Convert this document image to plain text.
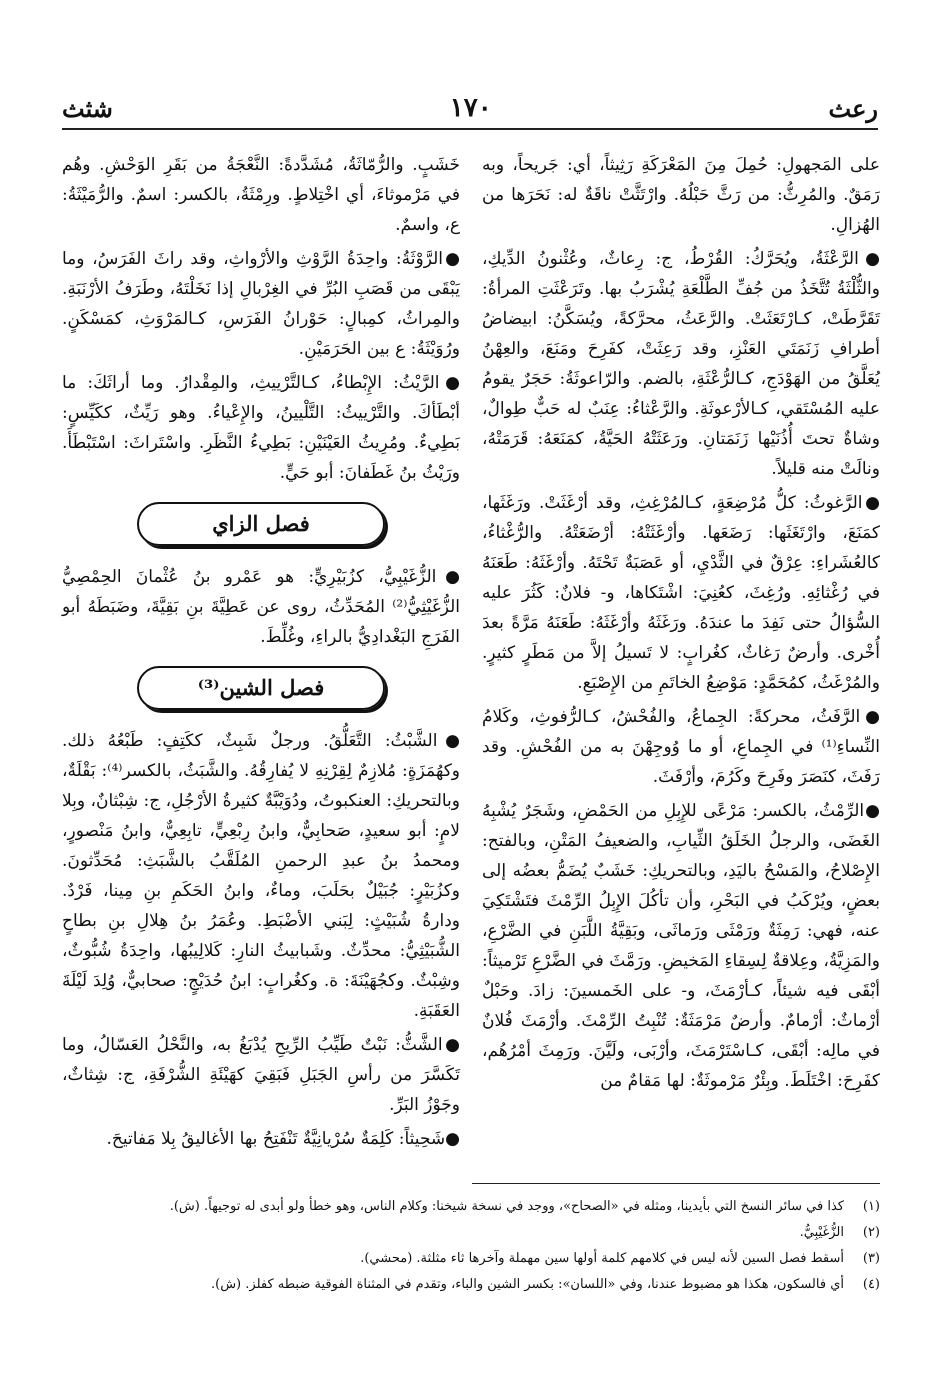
رعث
١٧٠
شثث

على المَجهولِ: حُمِلَ مِنَ المَعْرَكَةِ رَثِيثاً، أي: جَريحاً، وبه رَمَقٌ. والمُرِثُّ: من رَثَّ حَبْلُهُ. وارْتَثَّتْ ناقَةٌ له: نَحَرَها من الهُزالِ.

●الرَّعْثَةُ، ويُحَرَّكُ: القُرْطُ، ج: رِعاثٌ، وعُثْنونُ الدِّيكِ، والثُّلْثَةُ تُتَّخَذُ من جُفِّ الطَّلْعَةِ يُشْرَبُ بها. وتَرَعْثَتِ المرأةُ: تَقَرَّطَتْ، كـارْتَعَثَتْ. والرَّعَثُ، محرَّكةً، ويُسَكَّنُ: ابيضاضُ أطرافِ زَنَمَتَي العَنْزِ، وقد رَعِثَتْ، كفَرِحَ ومَنَعَ، والعِهْنُ يُعَلَّقُ من الهَوْدَجِ، كـالرُّعْثَةِ، بالضم. والرّاعوثَةُ: حَجَرٌ يقومُ عليه المُسْتَقي، كـالأرْعوثَةِ. والرَّعْثاءُ: عِنَبٌ له حَبٌّ طِوالٌ، وشاةٌ تحتَ أُذُنَيْها زَنَمَتانِ. ورَعَثَتْهُ الحَيَّةُ، كمَنَعَهُ: قَرَمَتْهُ، ونالَتْ منه قليلاً.

●الرَّغوثُ: كلُّ مُرْضِعَةٍ، كـالمُرْغِثِ، وقد أرْغَثَتْ. ورَغَثَها، كمَنَعَ، وارْتَغَثَها: رَضَعَها. وأرْغَثَتْهُ: أرْضَعَتْهُ. والرُّغْثاءُ، كالعُشَراءِ: عِرْقٌ في الثَّدْيِ، أو عَصَبَةٌ تَحْتَهُ. وأرْغَثَهُ: طَعَنَهُ في رُغْثائِهِ. ورُغِثَ، كعُنِيَ: اشْتَكاها، و- فلانٌ: كَثُرَ عليه السُّؤالُ حتى نَفِدَ ما عندَهُ. ورَغَثَهُ وأرْغَثَهُ: طَعَنَهُ مَرَّةً بعدَ أُخْرى. وأرضٌ رَغاثٌ، كغُرابٍ: لا تَسيلُ إلاَّ من مَطَرٍ كثيرٍ. والمُرْغَثُ، كمُحَمَّدٍ: مَوْضِعُ الخاتَمِ من الإِصْبَعِ.

●الرَّفَثُ، محركةً: الجِماعُ، والفُحْشُ، كـالرُّفوثِ، وكَلامُ النِّساءِ⁽¹⁾ في الجِماعِ، أو ما وُوجِهْنَ به من الفُحْشِ. وقد رَفَثَ، كنَصَرَ وفَرِحَ وكَرُمَ، وأرْفَثَ.

●الرِّمْثُ، بالكسر: مَرْعًى للإِبِلِ من الحَمْضِ، وشَجَرٌ يُشْبِهُ الغَضَى، والرجلُ الخَلَقُ الثِّيابِ، والضعيفُ المَتْنِ، وبالفتح: الإِصْلاحُ، والمَسْحُ باليَدِ، وبالتحريكِ: خَشَبٌ يُضَمُّ بعضُه إلى بعضٍ، ويُرْكَبُ في البَحْرِ، وأن تأكُلَ الإِبِلُ الرِّمْثَ فتَشْتَكِيَ عنه، فهي: رَمِثَةٌ ورَمْثَى ورَماثَى، وبَقِيَّةُ اللَّبَنِ في الضَّرْعِ، والمَزِيَّةُ، وعِلاقةٌ لِسِقاءِ المَخيضِ. ورَمَّثَ في الضَّرْعِ تَرْميثاً: أبْقَى فيه شيئاً، كـأرْمَثَ، و- على الخَمسينَ: زادَ. وحَبْلٌ أرْماثٌ: أرْمامٌ. وأرضٌ مَرْمَثَةٌ: تُنْبِتُ الرِّمْثَ. وأرْمَثَ فُلانٌ في مالِه: أبْقَى، كـاسْتَرْمَثَ، وأرْبَى، ولَيَّنَ. ورَمِثَ أمْرُهُم، كفَرِحَ: اخْتَلَطَ. وبِئْرٌ مَرْموثَةٌ: لها مَقامٌ من

خَشَبٍ. والرُّمّاثَةُ، مُشَدَّدةً: النَّعْجَةُ من بَقَرِ الوَحْشِ. وهُم في مَرْموثاءَ، أي اخْتِلاطٍ. ورِمْثَةُ، بالكسر: اسمٌ. والرُّمَيْثَةُ: ع، واسمٌ.

●الرَّوْثَةُ: واحِدَةُ الرَّوْثِ والأرْواثِ، وقد راثَ الفَرَسُ، وما يَبْقَى من قَصَبِ البُرِّ في الغِرْبالِ إذا نَخَلْتَهُ، وطَرَفُ الأرْنَبَةِ. والمِراثُ، كمِبالٍ: حَوْرانُ الفَرَسِ، كـالمَرْوَثِ، كمَسْكَنٍ. ورُوَيْثَةُ: ع بين الحَرَمَيْنِ.

●الرَّيْثُ: الإِبْطاءُ، كـالتَّرْييثِ، والمِقْدارُ. وما أراثَكَ: ما أبْطَأكَ. والتَّرْييثُ: التَّلْيينُ، والإِعْياءُ. وهو رَيِّثٌ، ككَيِّسٍ: بَطِيءٌ. ومُرِيثُ العَيْنَيْنِ: بَطِيءُ النَّظَرِ. واسْتَراثَ: اسْتَبْطَأَ. ورَيْثُ بنُ غَطَفانَ: أبو حَيٍّ.

فصل الزاي

●الزُّغَيْبِيُّ، كزُبَيْرِيٍّ: هو عَمْرو بنُ عُثْمانَ الحِمْصِيُّ الزُّغَيْثِيُّ⁽²⁾ المُحَدِّثُ، روى عن عَطِيَّةَ بنِ بَقِيَّةَ، وضَبَطَهُ أبو الفَرَجِ البَغْدادِيُّ بالراءِ، وغُلِّطَ.

فصل الشين⁽³⁾

●الشَّبْثُ: التَّعَلُّقُ. ورجلٌ شَبِثٌ، ككَتِفٍ: طَبْعُهُ ذلك. وكهُمَزَةٍ: مُلازِمٌ لِقِرْنِهِ لا يُفارِقُهُ. والشَّبَثُ، بالكسر⁽⁴⁾: بَقْلَةٌ، وبالتحريكِ: العنكبوتُ، ودُوَيْبَّةٌ كثيرةُ الأرْجُلِ، ج: شِبْثانٌ، وبِلا لامٍ: أبو سعيدٍ، صَحابِيٌّ، وابنُ رِبْعِيٍّ، تابِعِيٌّ، وابنُ مَنْصورٍ، ومحمدُ بنُ عبدِ الرحمنِ المُلَقَّبُ بالشَّبَثِ: مُحَدِّثونَ. وكزُبَيْرٍ: جُبَيْلٌ بحَلَبَ، وماءٌ، وابنُ الحَكَمِ بنِ مِينا، فَرْدٌ. ودارةُ شُبَيْثٍ: لِبَني الأضْبَطِ. وعُمَرُ بنُ هِلالِ بنِ بطاحٍ الشُّبَيْثِيُّ: محدِّثٌ. وشَبابيثُ النارِ: كَلالِيبُها، واحِدَةُ شُبُّوثٌ، وشِبْثٌ. وكجُهَيْنَةَ: ة. وكغُرابٍ: ابنُ حُدَيْجٍ: صحابيٌّ، وُلِدَ لَيْلَةَ العَقَبَةِ.

●الشَّثُّ: نَبْتٌ طَيِّبُ الرِّيحِ يُدْبَغُ به، والنَّحْلُ العَسّالُ، وما تَكَسَّرَ من رأسِ الجَبَلِ فَبَقِيَ كهَيْئَةِ الشُّرْفَةِ، ج: شِثاثٌ، وجَوْزُ البَرِّ.

●شَحِيثاً: كَلِمَةٌ سُرْيانِيَّةٌ تَنْفَتِحُ بها الأغاليقُ بِلا مَفاتيحَ.

(١)
كذا في سائر النسخ التي بأيدينا، ومثله في «الصحاح»، ووجد في نسخة شيخنا: وكلام الناس، وهو خطأ ولو أبدى له توجيهاً. (ش).
(٢)
الزُّغَيْبِيُّ.
(٣)
أسقط فصل السين لأنه ليس في كلامهم كلمة أولها سين مهملة وآخرها ثاء مثلثة. (محشي).
(٤)
أي فالسكون، هكذا هو مضبوط عندنا، وفي «اللسان»: بكسر الشين والباء، وتقدم في المثناة الفوقية ضبطه كفلز. (ش).
